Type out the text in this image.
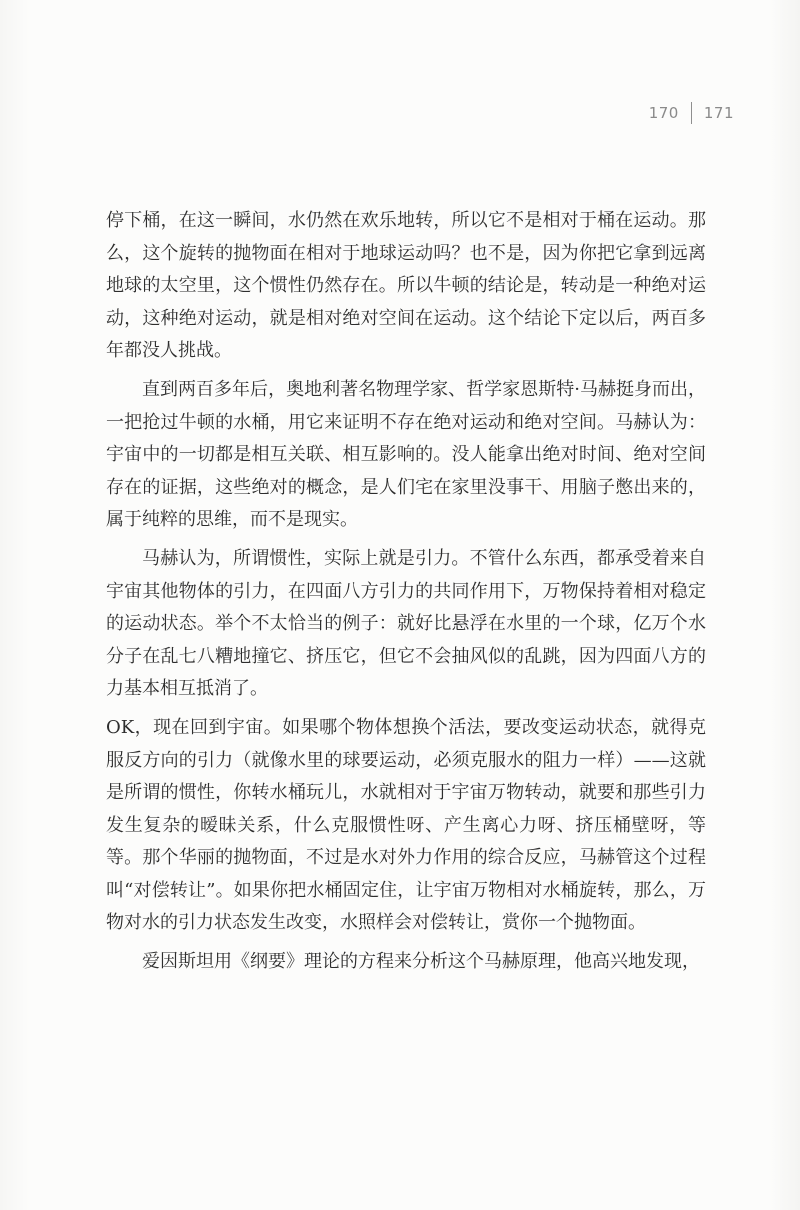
170 171

停下桶，在这一瞬间，水仍然在欢乐地转，所以它不是相对于桶在运动。那么，这个旋转的抛物面在相对于地球运动吗？也不是，因为你把它拿到远离地球的太空里，这个惯性仍然存在。所以牛顿的结论是，转动是一种绝对运动，这种绝对运动，就是相对绝对空间在运动。这个结论下定以后，两百多年都没人挑战。

直到两百多年后，奥地利著名物理学家、哲学家恩斯特·马赫挺身而出，一把抢过牛顿的水桶，用它来证明不存在绝对运动和绝对空间。马赫认为：宇宙中的一切都是相互关联、相互影响的。没人能拿出绝对时间、绝对空间存在的证据，这些绝对的概念，是人们宅在家里没事干、用脑子憋出来的，属于纯粹的思维，而不是现实。

马赫认为，所谓惯性，实际上就是引力。不管什么东西，都承受着来自宇宙其他物体的引力，在四面八方引力的共同作用下，万物保持着相对稳定的运动状态。举个不太恰当的例子：就好比悬浮在水里的一个球，亿万个水分子在乱七八糟地撞它、挤压它，但它不会抽风似的乱跳，因为四面八方的力基本相互抵消了。

OK，现在回到宇宙。如果哪个物体想换个活法，要改变运动状态，就得克服反方向的引力（就像水里的球要运动，必须克服水的阻力一样）——这就是所谓的惯性，你转水桶玩儿，水就相对于宇宙万物转动，就要和那些引力发生复杂的暧昧关系，什么克服惯性呀、产生离心力呀、挤压桶壁呀，等等。那个华丽的抛物面，不过是水对外力作用的综合反应，马赫管这个过程叫“对偿转让”。如果你把水桶固定住，让宇宙万物相对水桶旋转，那么，万物对水的引力状态发生改变，水照样会对偿转让，赏你一个抛物面。

爱因斯坦用《纲要》理论的方程来分析这个马赫原理，他高兴地发现，
